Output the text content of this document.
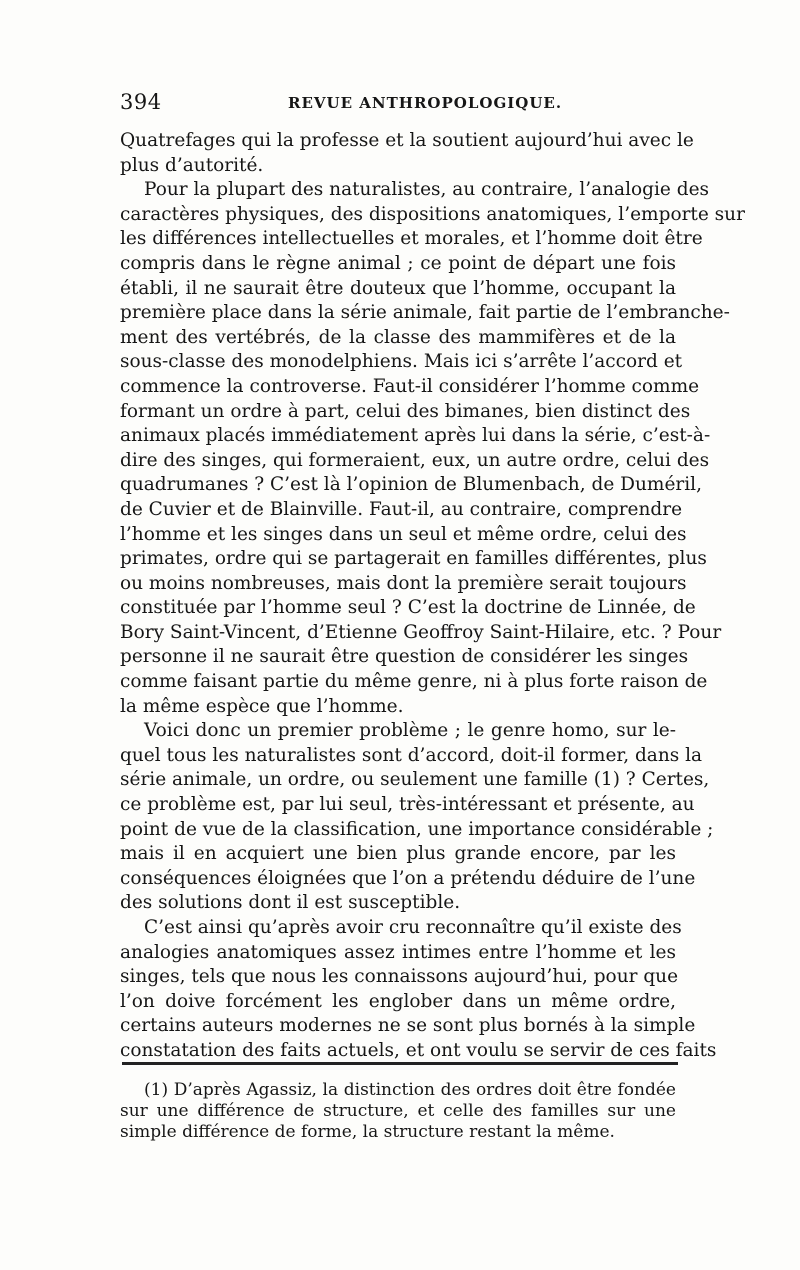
394	REVUE ANTHROPOLOGIQUE.
Quatrefages qui la professe et la soutient aujourd’hui avec le
plus d’autorité.
Pour la plupart des naturalistes, au contraire, l’analogie des
caractères physiques, des dispositions anatomiques, l’emporte sur
les différences intellectuelles et morales, et l’homme doit être
compris dans le règne animal ; ce point de départ une fois
établi, il ne saurait être douteux que l’homme, occupant la
première place dans la série animale, fait partie de l’embranche-
ment des vertébrés, de la classe des mammifères et de la
sous-classe des monodelphiens. Mais ici s’arrête l’accord et
commence la controverse. Faut-il considérer l’homme comme
formant un ordre à part, celui des bimanes, bien distinct des
animaux placés immédiatement après lui dans la série, c’est-à-
dire des singes, qui formeraient, eux, un autre ordre, celui des
quadrumanes ? C’est là l’opinion de Blumenbach, de Duméril,
de Cuvier et de Blainville. Faut-il, au contraire, comprendre
l’homme et les singes dans un seul et même ordre, celui des
primates, ordre qui se partagerait en familles différentes, plus
ou moins nombreuses, mais dont la première serait toujours
constituée par l’homme seul ? C’est la doctrine de Linnée, de
Bory Saint-Vincent, d’Etienne Geoffroy Saint-Hilaire, etc. ? Pour
personne il ne saurait être question de considérer les singes
comme faisant partie du même genre, ni à plus forte raison de
la même espèce que l’homme.
Voici donc un premier problème ; le genre homo, sur le-
quel tous les naturalistes sont d’accord, doit-il former, dans la
série animale, un ordre, ou seulement une famille (1) ? Certes,
ce problème est, par lui seul, très-intéressant et présente, au
point de vue de la classification, une importance considérable ;
mais il en acquiert une bien plus grande encore, par les
conséquences éloignées que l’on a prétendu déduire de l’une
des solutions dont il est susceptible.
C’est ainsi qu’après avoir cru reconnaître qu’il existe des
analogies anatomiques assez intimes entre l’homme et les
singes, tels que nous les connaissons aujourd’hui, pour que
l’on doive forcément les englober dans un même ordre,
certains auteurs modernes ne se sont plus bornés à la simple
constatation des faits actuels, et ont voulu se servir de ces faits
(1) D’après Agassiz, la distinction des ordres doit être fondée
sur une différence de structure, et celle des familles sur une
simple différence de forme, la structure restant la même.
